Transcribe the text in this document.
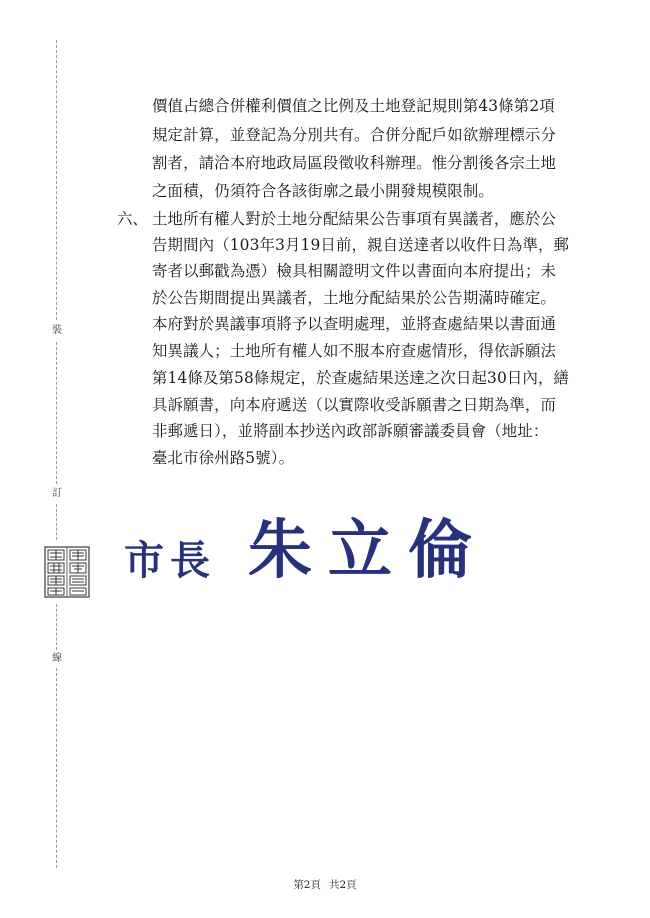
裝
訂
線
價值占總合併權利價值之比例及土地登記規則第43條第2項
規定計算，並登記為分別共有。合併分配戶如欲辦理標示分
割者，請洽本府地政局區段徵收科辦理。惟分割後各宗土地
之面積，仍須符合各該街廓之最小開發規模限制。
六、 土地所有權人對於土地分配結果公告事項有異議者，應於公
告期間內（103年3月19日前，親自送達者以收件日為準，郵
寄者以郵戳為憑）檢具相關證明文件以書面向本府提出；未
於公告期間提出異議者，土地分配結果於公告期滿時確定。
本府對於異議事項將予以查明處理，並將查處結果以書面通
知異議人；土地所有權人如不服本府查處情形，得依訴願法
第14條及第58條規定，於查處結果送達之次日起30日內，繕
具訴願書，向本府遞送（以實際收受訴願書之日期為準，而
非郵遞日），並將副本抄送內政部訴願審議委員會（地址：
臺北市徐州路5號）。
市長 朱立倫
第2頁 共2頁
